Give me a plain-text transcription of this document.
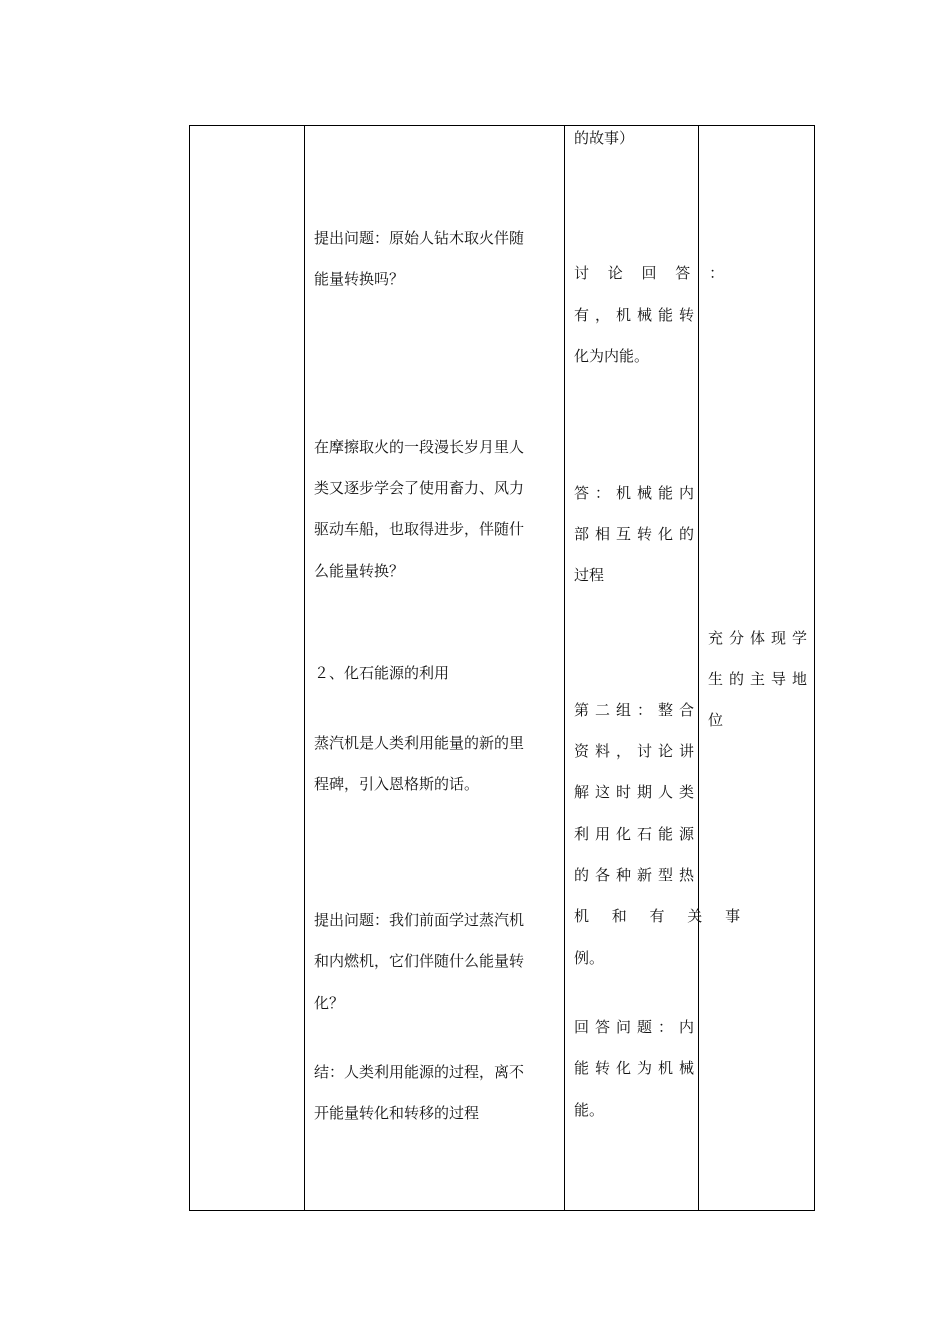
提出问题：原始人钻木取火伴随
能量转换吗？
在摩擦取火的一段漫长岁月里人
类又逐步学会了使用畜力、风力
驱动车船，也取得进步，伴随什
么能量转换？
２、化石能源的利用
蒸汽机是人类利用能量的新的里
程碑，引入恩格斯的话。
提出问题：我们前面学过蒸汽机
和内燃机，它们伴随什么能量转
化？
结：人类利用能源的过程，离不
开能量转化和转移的过程
的故事）
讨 论 回 答 ：
有，机械能转
化为内能。
答：机械能内
部相互转化的
过程
第二组：整合
资料，讨论讲
解这时期人类
利用化石能源
的各种新型热
机 和 有 关 事
例。
回答问题：内
能转化为机械
能。
充分体现学
生的主导地
位
